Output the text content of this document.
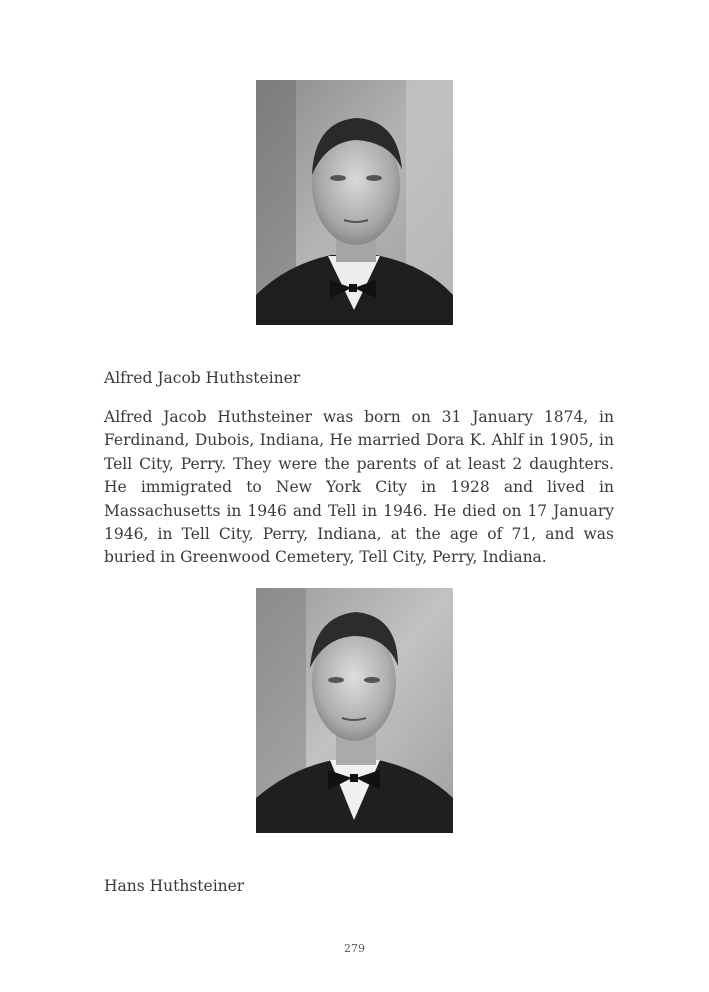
Alfred Jacob Huthsteiner

Alfred Jacob Huthsteiner was born on 31 January 1874, in Ferdinand, Dubois, Indiana, He married Dora K. Ahlf in 1905, in Tell City, Perry. They were the parents of at least 2 daughters. He immigrated to New York City in 1928 and lived in Massachusetts in 1946 and Tell in 1946. He died on 17 January 1946, in Tell City, Perry, Indiana, at the age of 71, and was buried in Greenwood Cemetery, Tell City, Perry, Indiana.

Hans Huthsteiner
279
